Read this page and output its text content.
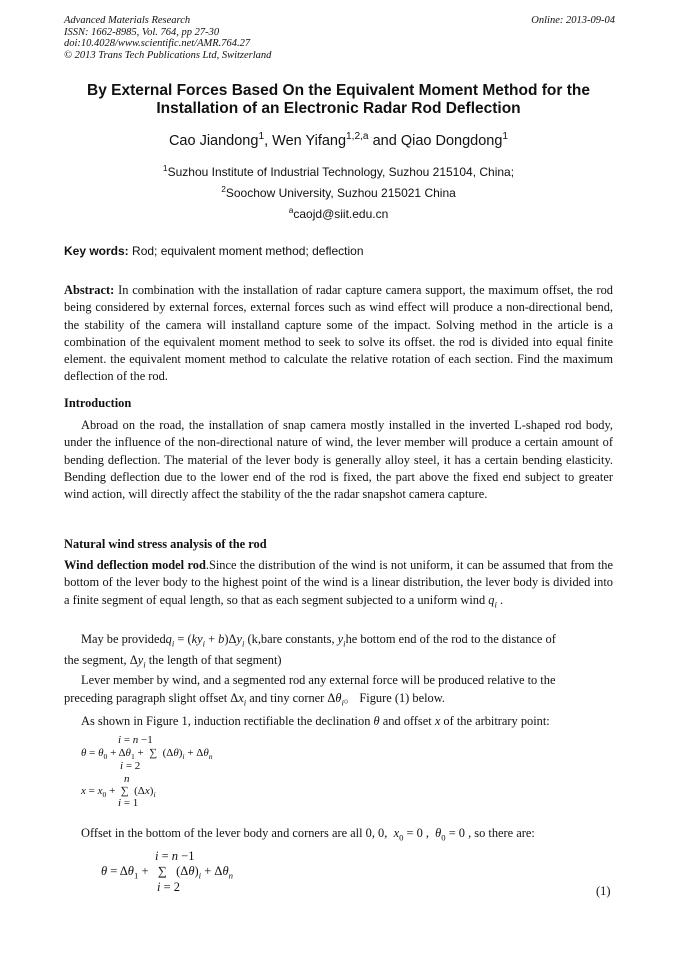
Advanced Materials Research
ISSN: 1662-8985, Vol. 764, pp 27-30
doi:10.4028/www.scientific.net/AMR.764.27
© 2013 Trans Tech Publications Ltd, Switzerland
Online: 2013-09-04
By External Forces Based On the Equivalent Moment Method for the
Installation of an Electronic Radar Rod Deflection
Cao Jiandong$^1$, Wen Yifang$^{1,2,a}$ and Qiao Dongdong$^1$
$^1$Suzhou Institute of Industrial Technology, Suzhou 215104, China;
$^2$Soochow University, Suzhou 215021 China
$^a$caojd@siit.edu.cn
Key words: Rod; equivalent moment method; deflection
Abstract: In combination with the installation of radar capture camera support, the maximum offset, the rod being considered by external forces, external forces such as wind effect will produce a non-directional bend, the stability of the camera will installand capture some of the impact. Solving method in the article is a combination of the equivalent moment method to seek to solve its offset. the rod is divided into equal finite element. the equivalent moment method to calculate the relative rotation of each section. Find the maximum deflection of the rod.
Introduction
Abroad on the road, the installation of snap camera mostly installed in the inverted L-shaped rod body, under the influence of the non-directional nature of wind, the lever member will produce a certain amount of bending deflection. The material of the lever body is generally alloy steel, it has a certain bending elasticity. Bending deflection due to the lower end of the rod is fixed, the part above the fixed end subject to greater wind action, will directly affect the stability of the the radar snapshot camera capture.
Natural wind stress analysis of the rod
Wind deflection model rod.Since the distribution of the wind is not uniform, it can be assumed that from the bottom of the lever body to the highest point of the wind is a linear distribution, the lever body is divided into a finite segment of equal length, so that as each segment subjected to a uniform wind $q_i$ .
May be providedq$_i$ = $(ky_i + b)\Delta y_i$ (k,bare constants, $y_ihe$ bottom end of the rod to the distance of
the segment, $\Delta y_i$ the length of that segment)
Lever member by wind, and a segmented rod any external force will be produced relative to the
preceding paragraph slight offset $\Delta x_i$ and tiny corner $\Delta\theta_i$。 Figure (1) below.
As shown in Figure 1, induction rectifiable the declination θ and offset x of the arbitrary point:
i = n −1
$\theta = \theta_0 + \Delta\theta_1$ +  ∑  $(\Delta\theta)_i + \Delta\theta_n$
i = 2
n
$x = x_0$ +  ∑  $(\Delta x)_i$
i = 1
Offset in the bottom of the lever body and corners are all 0, 0, $x_0 = 0$ ,  $\theta_0 = 0$ , so there are:
i = n −1
$\theta = \Delta\theta_1$ +   ∑   $(\Delta\theta)_i + \Delta\theta_n$
i = 2	(1)
